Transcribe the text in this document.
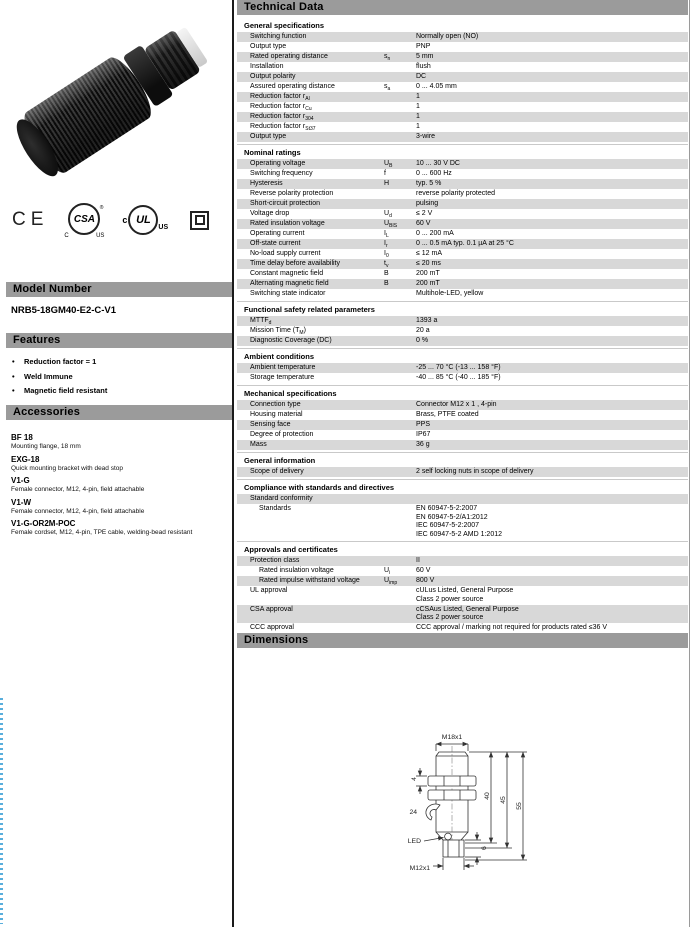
CE	CSA
®
C	US
c UL
US
Model Number
NRB5-18GM40-E2-C-V1
Features
•	Reduction factor = 1
•	Weld Immune
•	Magnetic field resistant
Accessories
BF 18
Mounting flange, 18 mm
EXG-18
Quick mounting bracket with dead stop
V1-G
Female connector, M12, 4-pin, field attachable
V1-W
Female connector, M12, 4-pin, field attachable
V1-G-OR2M-POC
Female cordset, M12, 4-pin, TPE cable, welding-bead resistant
Technical Data
General specifications
Switching function	Normally open (NO)
Output type	PNP
Rated operating distance	$s_n$	5 mm
Installation	flush
Output polarity	DC
Assured operating distance	$s_a$	0 ... 4.05 mm
Reduction factor $r_{Al}$	1
Reduction factor $r_{Cu}$	1
Reduction factor $r_{304}$	1
Reduction factor $r_{St37}$	1
Output type	3-wire
Nominal ratings
Operating voltage	$U_B$	10 ... 30 V DC
Switching frequency	f	0 ... 600 Hz
Hysteresis	H	typ. 5 %
Reverse polarity protection	reverse polarity protected
Short-circuit protection	pulsing
Voltage drop	$U_d$	≤ 2 V
Rated insulation voltage	$U_{BIS}$	60 V
Operating current	$I_L$	0 ... 200 mA
Off-state current	$I_r$	0 ... 0.5 mA typ. 0.1 µA at 25 °C
No-load supply current	$I_0$	≤ 12 mA
Time delay before availability	$t_v$	≤ 20 ms
Constant magnetic field	B	200 mT
Alternating magnetic field	B	200 mT
Switching state indicator	Multihole-LED, yellow
Functional safety related parameters
$MTTF_d$	1393 a
Mission Time $(T_M)$	20 a
Diagnostic Coverage (DC)	0 %
Ambient conditions
Ambient temperature	-25 ... 70 °C (-13 ... 158 °F)
Storage temperature	-40 ... 85 °C (-40 ... 185 °F)
Mechanical specifications
Connection type	Connector M12 x 1 , 4-pin
Housing material	Brass, PTFE coated
Sensing face	PPS
Degree of protection	IP67
Mass	36 g
General information
Scope of delivery	2 self locking nuts in scope of delivery
Compliance with standards and directives
Standard conformity
Standards	EN 60947-5-2:2007
EN 60947-5-2/A1:2012
IEC 60947-5-2:2007
IEC 60947-5-2 AMD 1:2012
Approvals and certificates
Protection class	II
Rated insulation voltage	$U_i$	60 V
Rated impulse withstand voltage	$U_{imp}$	800 V
UL approval	cULus Listed, General Purpose
Class 2 power source
CSA approval	cCSAus Listed, General Purpose
Class 2 power source
CCC approval	CCC approval / marking not required for products rated ≤36 V
Dimensions
M18x1
4
24
LED
M12x1
40
45
55
6
